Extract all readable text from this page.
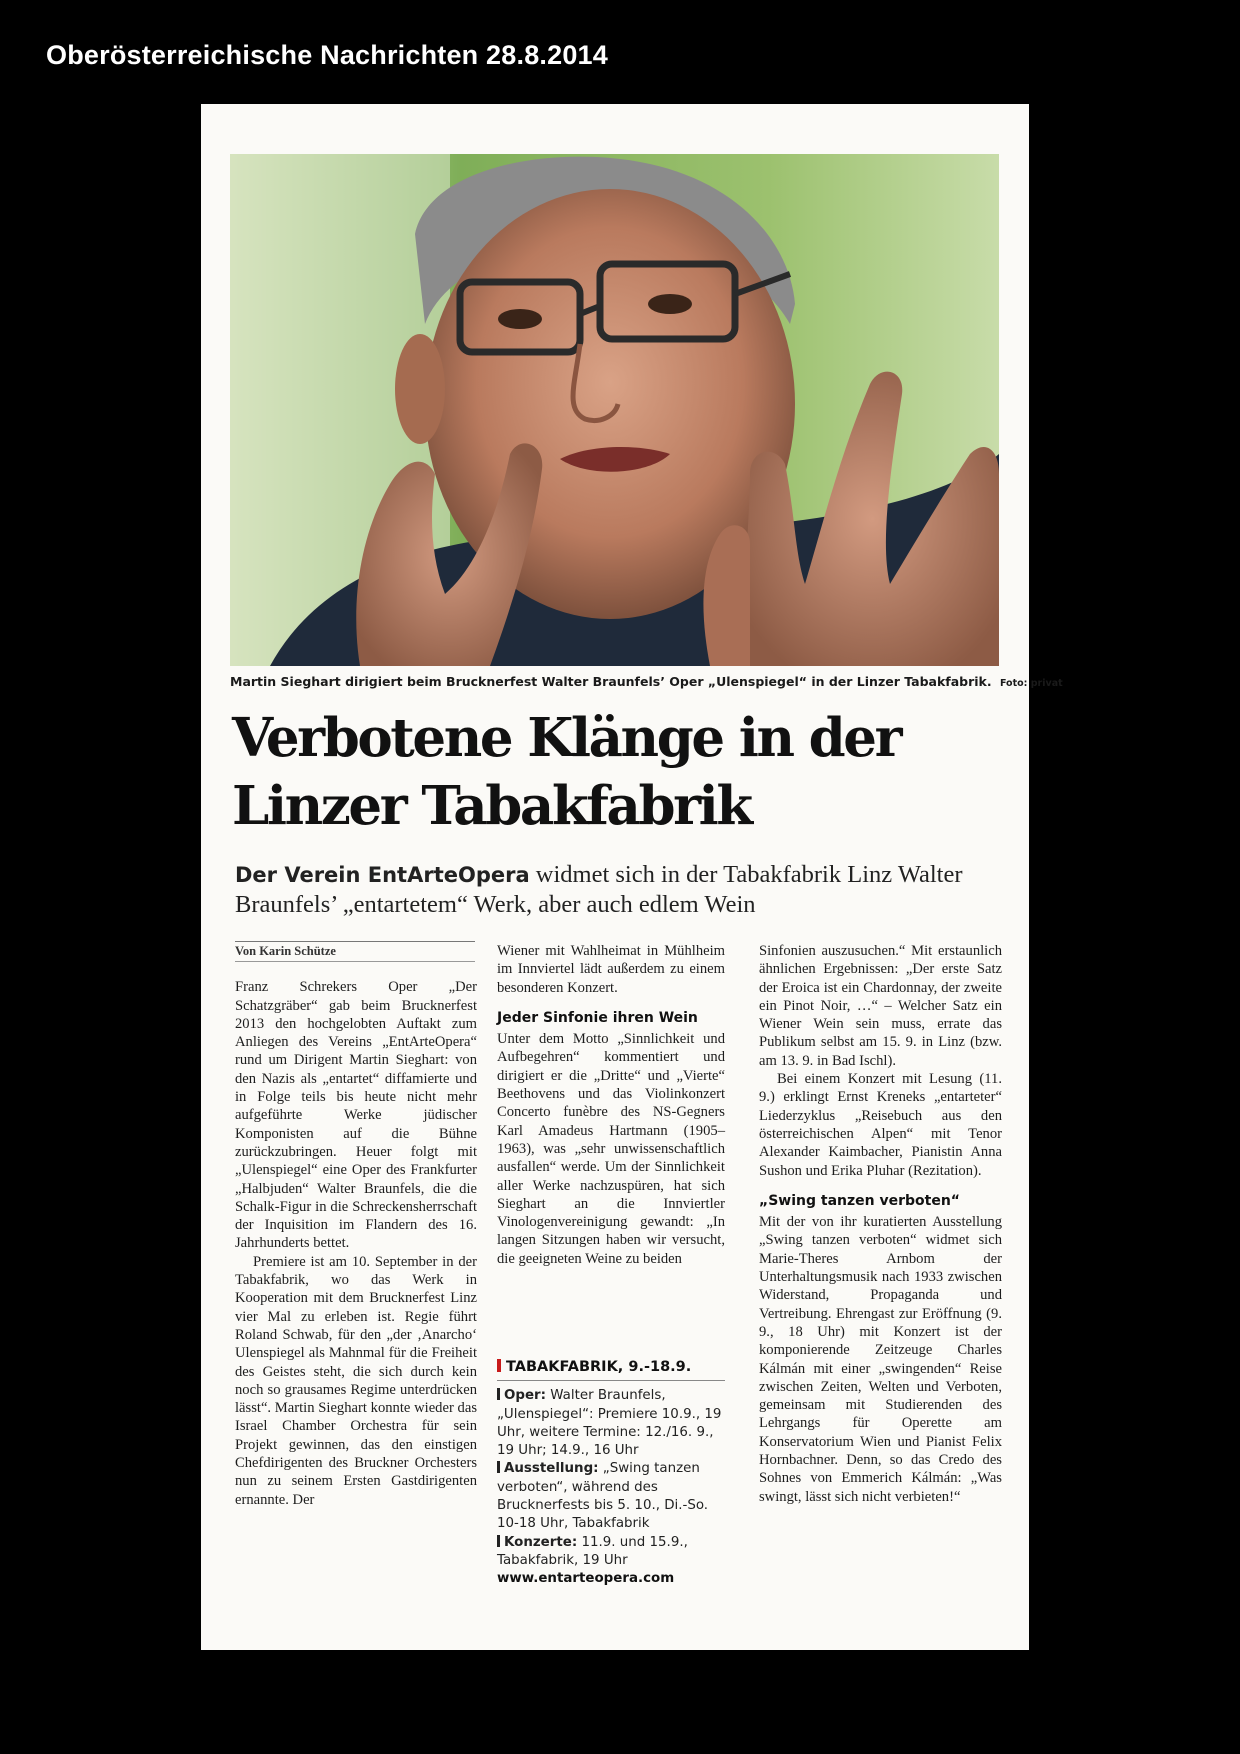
Oberösterreichische Nachrichten 28.8.2014
Martin Sieghart dirigiert beim Brucknerfest Walter Braunfels’ Oper „Ulenspiegel“ in der Linzer Tabakfabrik. Foto: privat
Verbotene Klänge in der Linzer Tabakfabrik
Der Verein EntArteOpera widmet sich in der Tabakfabrik Linz Walter Braunfels’ „entartetem“ Werk, aber auch edlem Wein
Von Karin Schütze

Franz Schrekers Oper „Der Schatzgräber“ gab beim Brucknerfest 2013 den hochgelobten Auftakt zum Anliegen des Vereins „EntArteOpera“ rund um Dirigent Martin Sieghart: von den Nazis als „entartet“ diffamierte und in Folge teils bis heute nicht mehr aufgeführte Werke jüdischer Komponisten auf die Bühne zurückzubringen. Heuer folgt mit „Ulenspiegel“ eine Oper des Frankfurter „Halbjuden“ Walter Braunfels, die die Schalk-Figur in die Schreckensherrschaft der Inquisition im Flandern des 16. Jahrhunderts bettet.

Premiere ist am 10. September in der Tabakfabrik, wo das Werk in Kooperation mit dem Brucknerfest Linz vier Mal zu erleben ist. Regie führt Roland Schwab, für den „der ‚Anarcho‘ Ulenspiegel als Mahnmal für die Freiheit des Geistes steht, die sich durch kein noch so grausames Regime unterdrücken lässt“. Martin Sieghart konnte wieder das Israel Chamber Orchestra für sein Projekt gewinnen, das den einstigen Chefdirigenten des Bruckner Orchesters nun zu seinem Ersten Gastdirigenten ernannte. Der

Wiener mit Wahlheimat in Mühlheim im Innviertel lädt außerdem zu einem besonderen Konzert.

Jeder Sinfonie ihren Wein

Unter dem Motto „Sinnlichkeit und Aufbegehren“ kommentiert und dirigiert er die „Dritte“ und „Vierte“ Beethovens und das Violinkonzert Concerto funèbre des NS-Gegners Karl Amadeus Hartmann (1905–1963), was „sehr unwissenschaftlich ausfallen“ werde. Um der Sinnlichkeit aller Werke nachzuspüren, hat sich Sieghart an die Innviertler Vinologenvereinigung gewandt: „In langen Sitzungen haben wir versucht, die geeigneten Weine zu beiden

TABAKFABRIK, 9.-18.9.

Oper: Walter Braunfels, „Ulenspiegel“: Premiere 10.9., 19 Uhr, weitere Termine: 12./16. 9., 19 Uhr; 14.9., 16 Uhr

Ausstellung: „Swing tanzen verboten“, während des Brucknerfests bis 5. 10., Di.-So. 10-18 Uhr, Tabakfabrik

Konzerte: 11.9. und 15.9., Tabakfabrik, 19 Uhr

www.entarteopera.com

Sinfonien auszusuchen.“ Mit erstaunlich ähnlichen Ergebnissen: „Der erste Satz der Eroica ist ein Chardonnay, der zweite ein Pinot Noir, …“ – Welcher Satz ein Wiener Wein sein muss, errate das Publikum selbst am 15. 9. in Linz (bzw. am 13. 9. in Bad Ischl).

Bei einem Konzert mit Lesung (11. 9.) erklingt Ernst Kreneks „entarteter“ Liederzyklus „Reisebuch aus den österreichischen Alpen“ mit Tenor Alexander Kaimbacher, Pianistin Anna Sushon und Erika Pluhar (Rezitation).

„Swing tanzen verboten“

Mit der von ihr kuratierten Ausstellung „Swing tanzen verboten“ widmet sich Marie-Theres Arnbom der Unterhaltungsmusik nach 1933 zwischen Widerstand, Propaganda und Vertreibung. Ehrengast zur Eröffnung (9. 9., 18 Uhr) mit Konzert ist der komponierende Zeitzeuge Charles Kálmán mit einer „swingenden“ Reise zwischen Zeiten, Welten und Verboten, gemeinsam mit Studierenden des Lehrgangs für Operette am Konservatorium Wien und Pianist Felix Hornbachner. Denn, so das Credo des Sohnes von Emmerich Kálmán: „Was swingt, lässt sich nicht verbieten!“
